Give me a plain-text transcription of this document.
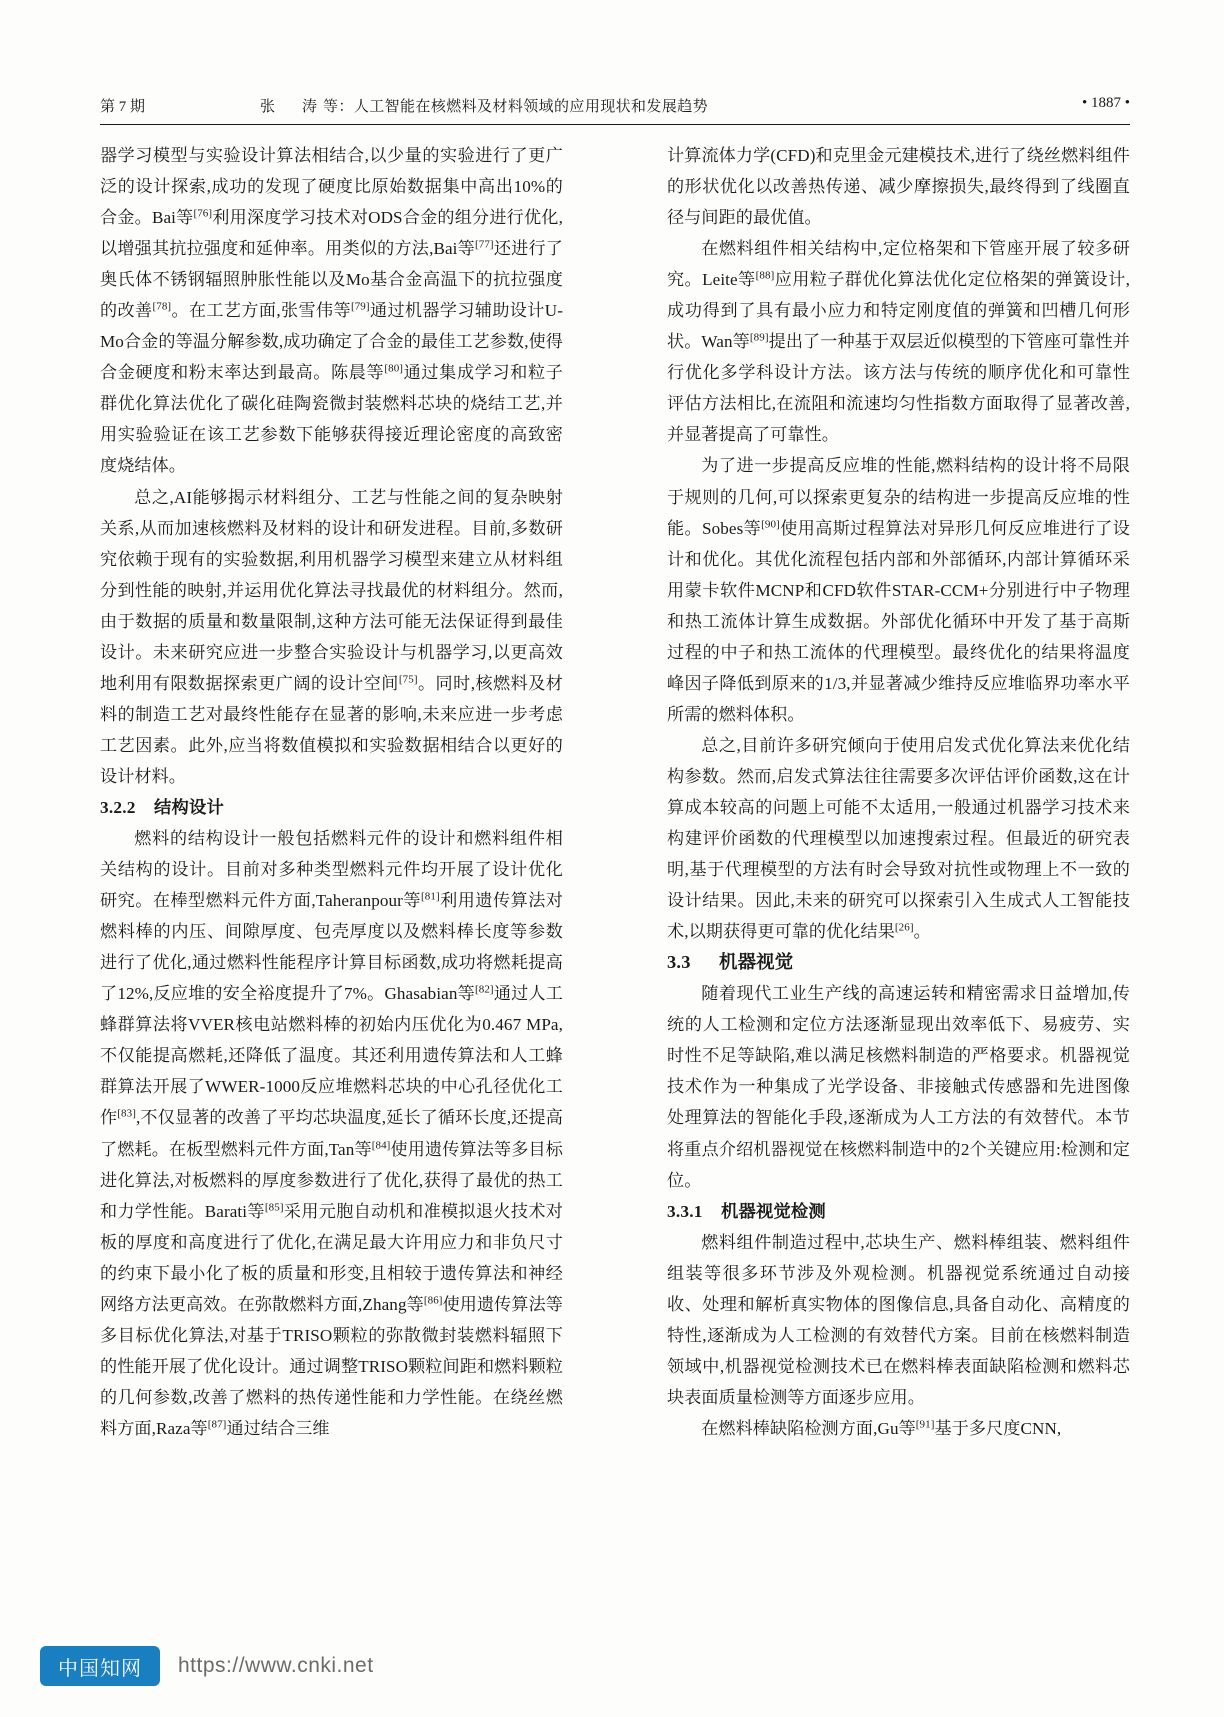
第 7 期	张　涛等：人工智能在核燃料及材料领域的应用现状和发展趋势	• 1887 •

器学习模型与实验设计算法相结合,以少量的实验进行了更广泛的设计探索,成功的发现了硬度比原始数据集中高出10%的合金。Bai等[76]利用深度学习技术对ODS合金的组分进行优化,以增强其抗拉强度和延伸率。用类似的方法,Bai等[77]还进行了奥氏体不锈钢辐照肿胀性能以及Mo基合金高温下的抗拉强度的改善[78]。在工艺方面,张雪伟等[79]通过机器学习辅助设计U-Mo合金的等温分解参数,成功确定了合金的最佳工艺参数,使得合金硬度和粉末率达到最高。陈晨等[80]通过集成学习和粒子群优化算法优化了碳化硅陶瓷微封装燃料芯块的烧结工艺,并用实验验证在该工艺参数下能够获得接近理论密度的高致密度烧结体。

总之,AI能够揭示材料组分、工艺与性能之间的复杂映射关系,从而加速核燃料及材料的设计和研发进程。目前,多数研究依赖于现有的实验数据,利用机器学习模型来建立从材料组分到性能的映射,并运用优化算法寻找最优的材料组分。然而,由于数据的质量和数量限制,这种方法可能无法保证得到最佳设计。未来研究应进一步整合实验设计与机器学习,以更高效地利用有限数据探索更广阔的设计空间[75]。同时,核燃料及材料的制造工艺对最终性能存在显著的影响,未来应进一步考虑工艺因素。此外,应当将数值模拟和实验数据相结合以更好的设计材料。

3.2.2 结构设计

燃料的结构设计一般包括燃料元件的设计和燃料组件相关结构的设计。目前对多种类型燃料元件均开展了设计优化研究。在棒型燃料元件方面,Taheranpour等[81]利用遗传算法对燃料棒的内压、间隙厚度、包壳厚度以及燃料棒长度等参数进行了优化,通过燃料性能程序计算目标函数,成功将燃耗提高了12%,反应堆的安全裕度提升了7%。Ghasabian等[82]通过人工蜂群算法将VVER核电站燃料棒的初始内压优化为0.467 MPa,不仅能提高燃耗,还降低了温度。其还利用遗传算法和人工蜂群算法开展了WWER-1000反应堆燃料芯块的中心孔径优化工作[83],不仅显著的改善了平均芯块温度,延长了循环长度,还提高了燃耗。在板型燃料元件方面,Tan等[84]使用遗传算法等多目标进化算法,对板燃料的厚度参数进行了优化,获得了最优的热工和力学性能。Barati等[85]采用元胞自动机和准模拟退火技术对板的厚度和高度进行了优化,在满足最大许用应力和非负尺寸的约束下最小化了板的质量和形变,且相较于遗传算法和神经网络方法更高效。在弥散燃料方面,Zhang等[86]使用遗传算法等多目标优化算法,对基于TRISO颗粒的弥散微封装燃料辐照下的性能开展了优化设计。通过调整TRISO颗粒间距和燃料颗粒的几何参数,改善了燃料的热传递性能和力学性能。在绕丝燃料方面,Raza等[87]通过结合三维

计算流体力学(CFD)和克里金元建模技术,进行了绕丝燃料组件的形状优化以改善热传递、减少摩擦损失,最终得到了线圈直径与间距的最优值。

在燃料组件相关结构中,定位格架和下管座开展了较多研究。Leite等[88]应用粒子群优化算法优化定位格架的弹簧设计,成功得到了具有最小应力和特定刚度值的弹簧和凹槽几何形状。Wan等[89]提出了一种基于双层近似模型的下管座可靠性并行优化多学科设计方法。该方法与传统的顺序优化和可靠性评估方法相比,在流阻和流速均匀性指数方面取得了显著改善,并显著提高了可靠性。

为了进一步提高反应堆的性能,燃料结构的设计将不局限于规则的几何,可以探索更复杂的结构进一步提高反应堆的性能。Sobes等[90]使用高斯过程算法对异形几何反应堆进行了设计和优化。其优化流程包括内部和外部循环,内部计算循环采用蒙卡软件MCNP和CFD软件STAR-CCM+分别进行中子物理和热工流体计算生成数据。外部优化循环中开发了基于高斯过程的中子和热工流体的代理模型。最终优化的结果将温度峰因子降低到原来的1/3,并显著减少维持反应堆临界功率水平所需的燃料体积。

总之,目前许多研究倾向于使用启发式优化算法来优化结构参数。然而,启发式算法往往需要多次评估评价函数,这在计算成本较高的问题上可能不太适用,一般通过机器学习技术来构建评价函数的代理模型以加速搜索过程。但最近的研究表明,基于代理模型的方法有时会导致对抗性或物理上不一致的设计结果。因此,未来的研究可以探索引入生成式人工智能技术,以期获得更可靠的优化结果[26]。

3.3 机器视觉

随着现代工业生产线的高速运转和精密需求日益增加,传统的人工检测和定位方法逐渐显现出效率低下、易疲劳、实时性不足等缺陷,难以满足核燃料制造的严格要求。机器视觉技术作为一种集成了光学设备、非接触式传感器和先进图像处理算法的智能化手段,逐渐成为人工方法的有效替代。本节将重点介绍机器视觉在核燃料制造中的2个关键应用:检测和定位。

3.3.1 机器视觉检测

燃料组件制造过程中,芯块生产、燃料棒组装、燃料组件组装等很多环节涉及外观检测。机器视觉系统通过自动接收、处理和解析真实物体的图像信息,具备自动化、高精度的特性,逐渐成为人工检测的有效替代方案。目前在核燃料制造领域中,机器视觉检测技术已在燃料棒表面缺陷检测和燃料芯块表面质量检测等方面逐步应用。

在燃料棒缺陷检测方面,Gu等[91]基于多尺度CNN,

中国知网	https://www.cnki.net
